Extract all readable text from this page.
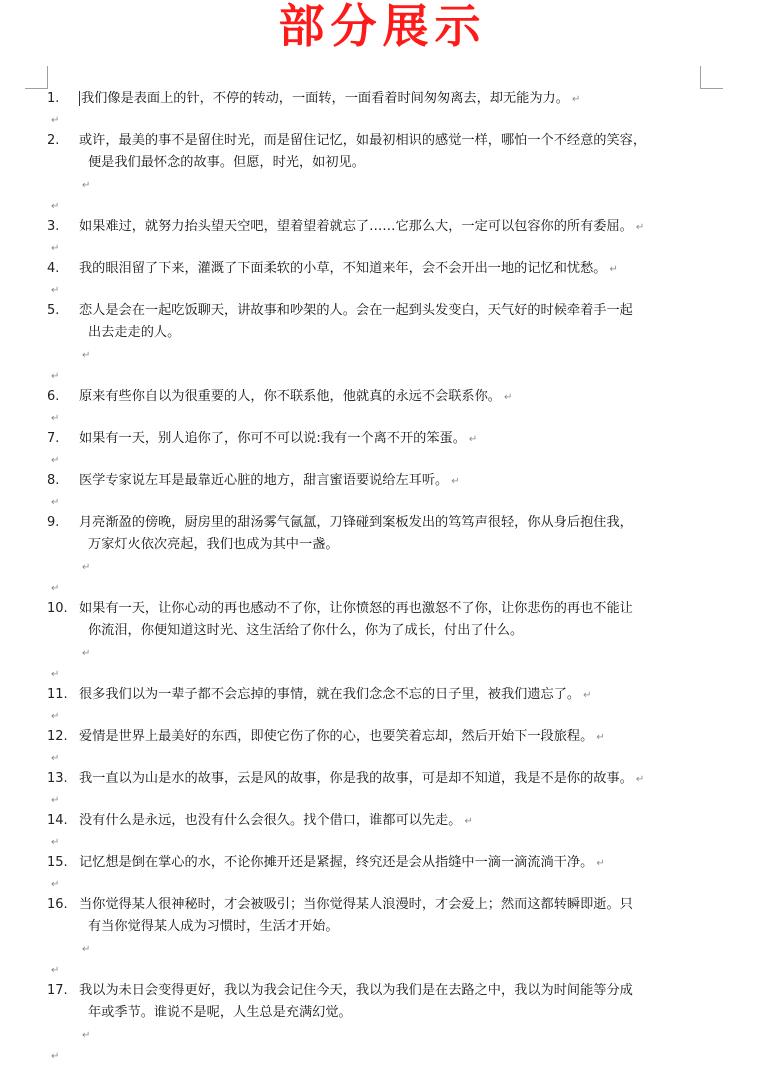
部分展示
1. 我们像是表面上的针，不停的转动，一面转，一面看着时间匆匆离去，却无能为力。 ↵
↵
2. 或许，最美的事不是留住时光，而是留住记忆，如最初相识的感觉一样，哪怕一个不经意的笑容，
便是我们最怀念的故事。但愿，时光，如初见。
↵
↵
3. 如果难过，就努力抬头望天空吧，望着望着就忘了……它那么大，一定可以包容你的所有委屈。 ↵
↵
4. 我的眼泪留了下来，灌溉了下面柔软的小草，不知道来年，会不会开出一地的记忆和忧愁。 ↵
↵
5. 恋人是会在一起吃饭聊天，讲故事和吵架的人。会在一起到头发变白，天气好的时候牵着手一起
出去走走的人。
↵
↵
6. 原来有些你自以为很重要的人，你不联系他，他就真的永远不会联系你。 ↵
↵
7. 如果有一天，别人追你了，你可不可以说:我有一个离不开的笨蛋。 ↵
↵
8. 医学专家说左耳是最靠近心脏的地方，甜言蜜语要说给左耳听。 ↵
↵
9. 月亮渐盈的傍晚，厨房里的甜汤雾气氤氲，刀锋碰到案板发出的笃笃声很轻，你从身后抱住我，
万家灯火依次亮起，我们也成为其中一盏。
↵
↵
10. 如果有一天，让你心动的再也感动不了你，让你愤怒的再也激怒不了你，让你悲伤的再也不能让
你流泪，你便知道这时光、这生活给了你什么，你为了成长，付出了什么。
↵
↵
11. 很多我们以为一辈子都不会忘掉的事情，就在我们念念不忘的日子里，被我们遗忘了。 ↵
↵
12. 爱情是世界上最美好的东西，即使它伤了你的心，也要笑着忘却，然后开始下一段旅程。 ↵
↵
13. 我一直以为山是水的故事，云是风的故事，你是我的故事，可是却不知道，我是不是你的故事。 ↵
↵
14. 没有什么是永远，也没有什么会很久。找个借口，谁都可以先走。 ↵
↵
15. 记忆想是倒在掌心的水，不论你摊开还是紧握，终究还是会从指缝中一滴一滴流淌干净。 ↵
↵
16. 当你觉得某人很神秘时，才会被吸引；当你觉得某人浪漫时，才会爱上；然而这都转瞬即逝。只
有当你觉得某人成为习惯时，生活才开始。
↵
↵
17. 我以为未日会变得更好，我以为我会记住今天，我以为我们是在去路之中，我以为时间能等分成
年或季节。谁说不是呢，人生总是充满幻觉。
↵
↵
